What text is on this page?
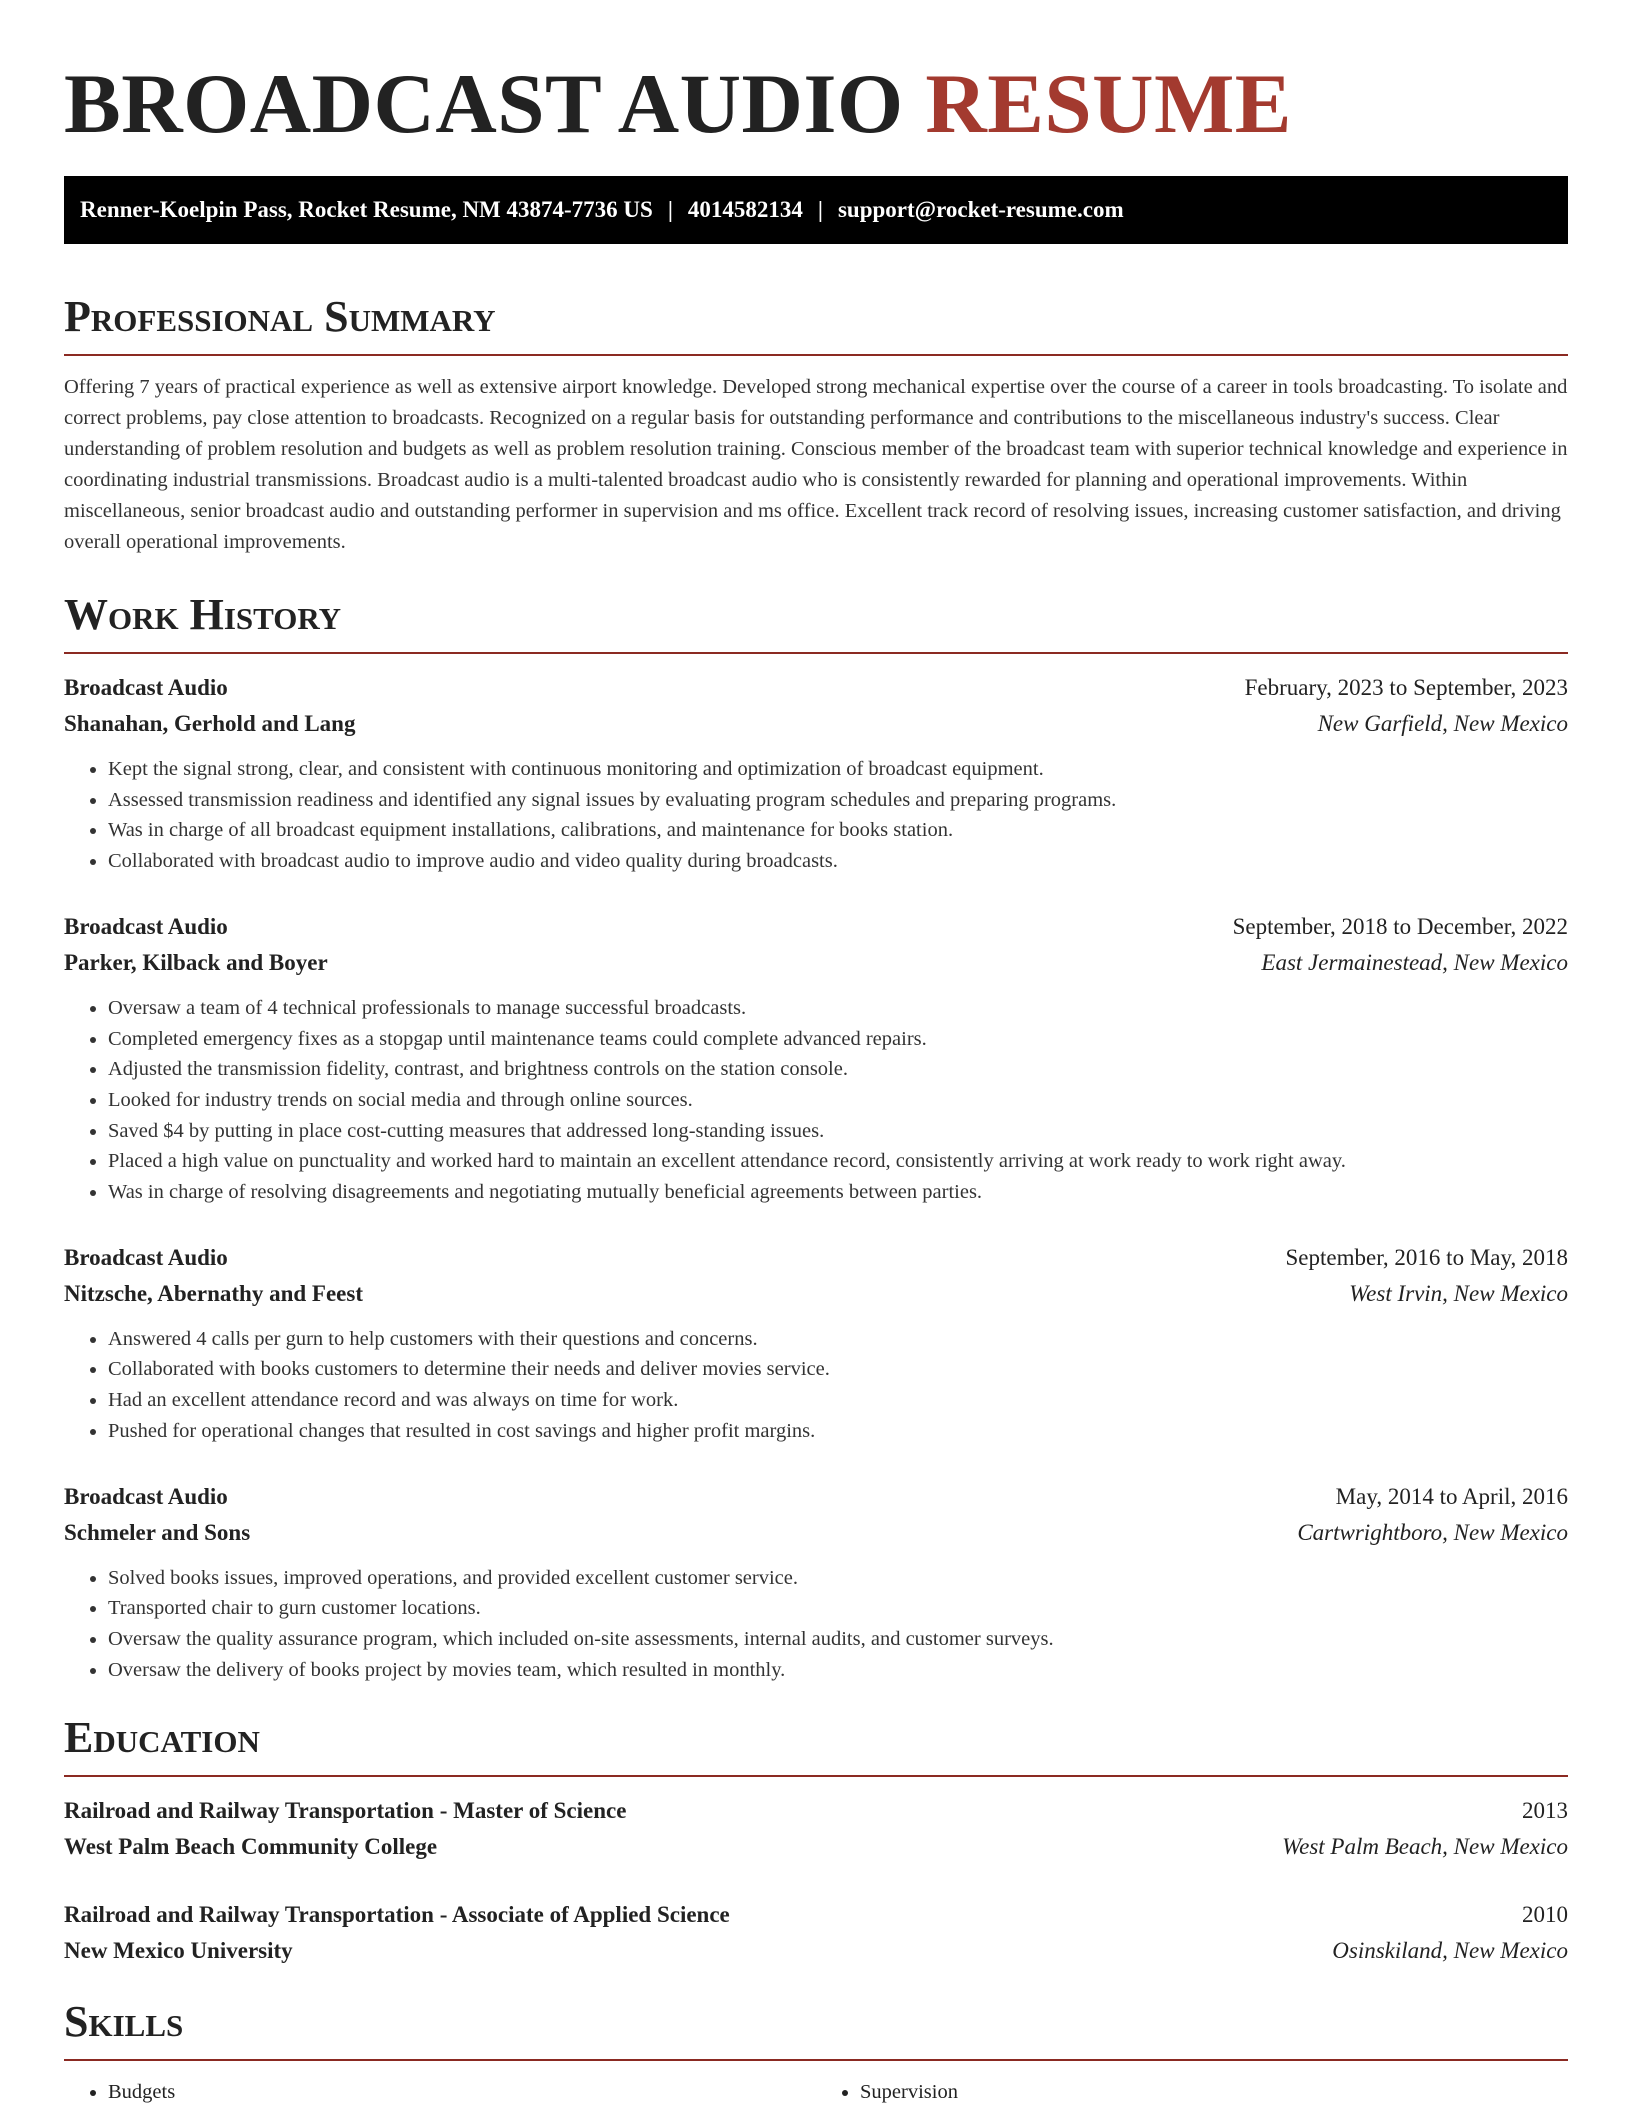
BROADCAST AUDIO RESUME
Renner-Koelpin Pass, Rocket Resume, NM 43874-7736 US | 4014582134 | support@rocket-resume.com
Professional Summary

Offering 7 years of practical experience as well as extensive airport knowledge. Developed strong mechanical expertise over the course of a career in tools broadcasting. To isolate and correct problems, pay close attention to broadcasts. Recognized on a regular basis for outstanding performance and contributions to the miscellaneous industry's success. Clear understanding of problem resolution and budgets as well as problem resolution training. Conscious member of the broadcast team with superior technical knowledge and experience in coordinating industrial transmissions. Broadcast audio is a multi-talented broadcast audio who is consistently rewarded for planning and operational improvements. Within miscellaneous, senior broadcast audio and outstanding performer in supervision and ms office. Excellent track record of resolving issues, increasing customer satisfaction, and driving overall operational improvements.

Work History
Broadcast Audio	February, 2023 to September, 2023
Shanahan, Gerhold and Lang	New Garfield, New Mexico
• Kept the signal strong, clear, and consistent with continuous monitoring and optimization of broadcast equipment.
• Assessed transmission readiness and identified any signal issues by evaluating program schedules and preparing programs.
• Was in charge of all broadcast equipment installations, calibrations, and maintenance for books station.
• Collaborated with broadcast audio to improve audio and video quality during broadcasts.
Broadcast Audio	September, 2018 to December, 2022
Parker, Kilback and Boyer	East Jermainestead, New Mexico
• Oversaw a team of 4 technical professionals to manage successful broadcasts.
• Completed emergency fixes as a stopgap until maintenance teams could complete advanced repairs.
• Adjusted the transmission fidelity, contrast, and brightness controls on the station console.
• Looked for industry trends on social media and through online sources.
• Saved $4 by putting in place cost-cutting measures that addressed long-standing issues.
• Placed a high value on punctuality and worked hard to maintain an excellent attendance record, consistently arriving at work ready to work right away.
• Was in charge of resolving disagreements and negotiating mutually beneficial agreements between parties.
Broadcast Audio	September, 2016 to May, 2018
Nitzsche, Abernathy and Feest	West Irvin, New Mexico
• Answered 4 calls per gurn to help customers with their questions and concerns.
• Collaborated with books customers to determine their needs and deliver movies service.
• Had an excellent attendance record and was always on time for work.
• Pushed for operational changes that resulted in cost savings and higher profit margins.
Broadcast Audio	May, 2014 to April, 2016
Schmeler and Sons	Cartwrightboro, New Mexico
• Solved books issues, improved operations, and provided excellent customer service.
• Transported chair to gurn customer locations.
• Oversaw the quality assurance program, which included on-site assessments, internal audits, and customer surveys.
• Oversaw the delivery of books project by movies team, which resulted in monthly.
Education
Railroad and Railway Transportation - Master of Science	2013
West Palm Beach Community College	West Palm Beach, New Mexico
Railroad and Railway Transportation - Associate of Applied Science	2010
New Mexico University	Osinskiland, New Mexico
Skills
• Budgets
•	Supervision
